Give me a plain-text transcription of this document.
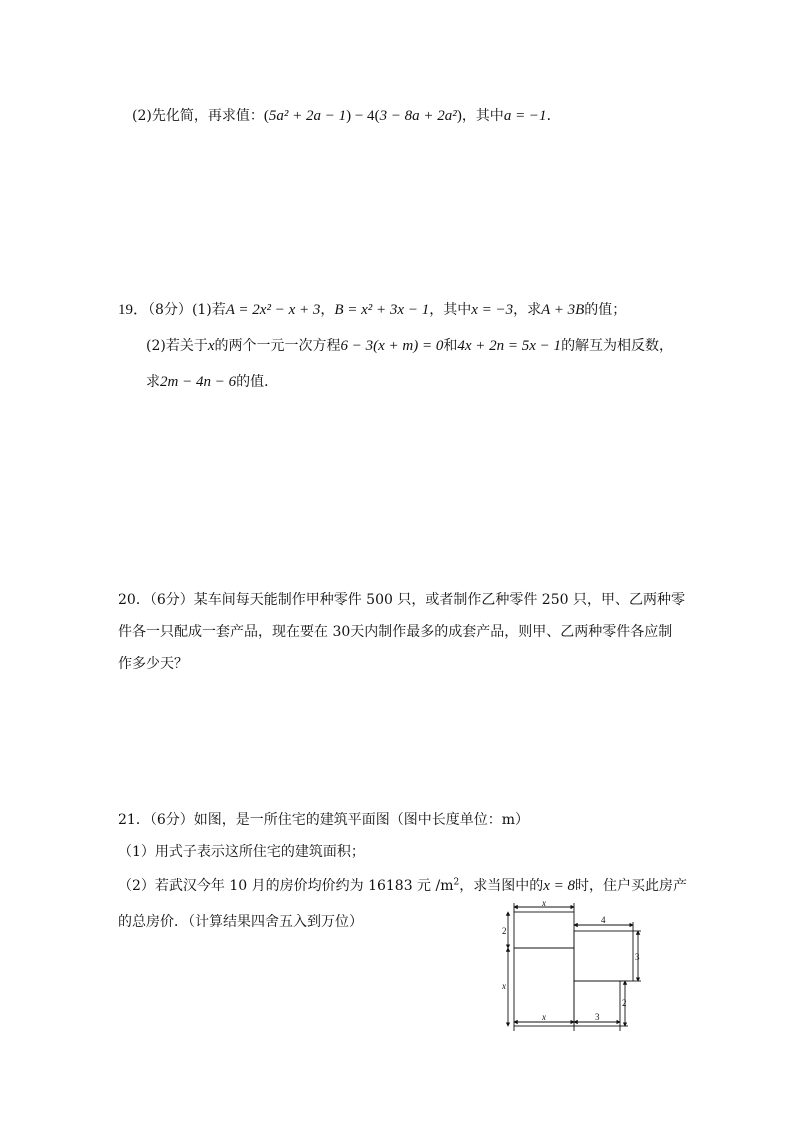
(2)先化简，再求值：(5a² + 2a − 1) − 4(3 − 8a + 2a²)，其中a = −1．
19．（8分）(1)若A = 2x² − x + 3，B = x² + 3x − 1，其中x = −3，求A + 3B的值；
(2)若关于x的两个一元一次方程6 − 3(x + m) = 0和4x + 2n = 5x − 1的解互为相反数，
求2m − 4n − 6的值．
20．（6分）某车间每天能制作甲种零件 500 只，或者制作乙种零件 250 只，甲、乙两种零
件各一只配成一套产品，现在要在 30天内制作最多的成套产品，则甲、乙两种零件各应制
作多少天？
21．（6分）如图，是一所住宅的建筑平面图（图中长度单位：m）
（1）用式子表示这所住宅的建筑面积；
（2）若武汉今年 10 月的房价均价约为 16183 元 $/m^2$，求当图中的x = 8时，住户买此房产
的总房价．（计算结果四舍五入到万位）
x
4
2
x
3
2
x	3
